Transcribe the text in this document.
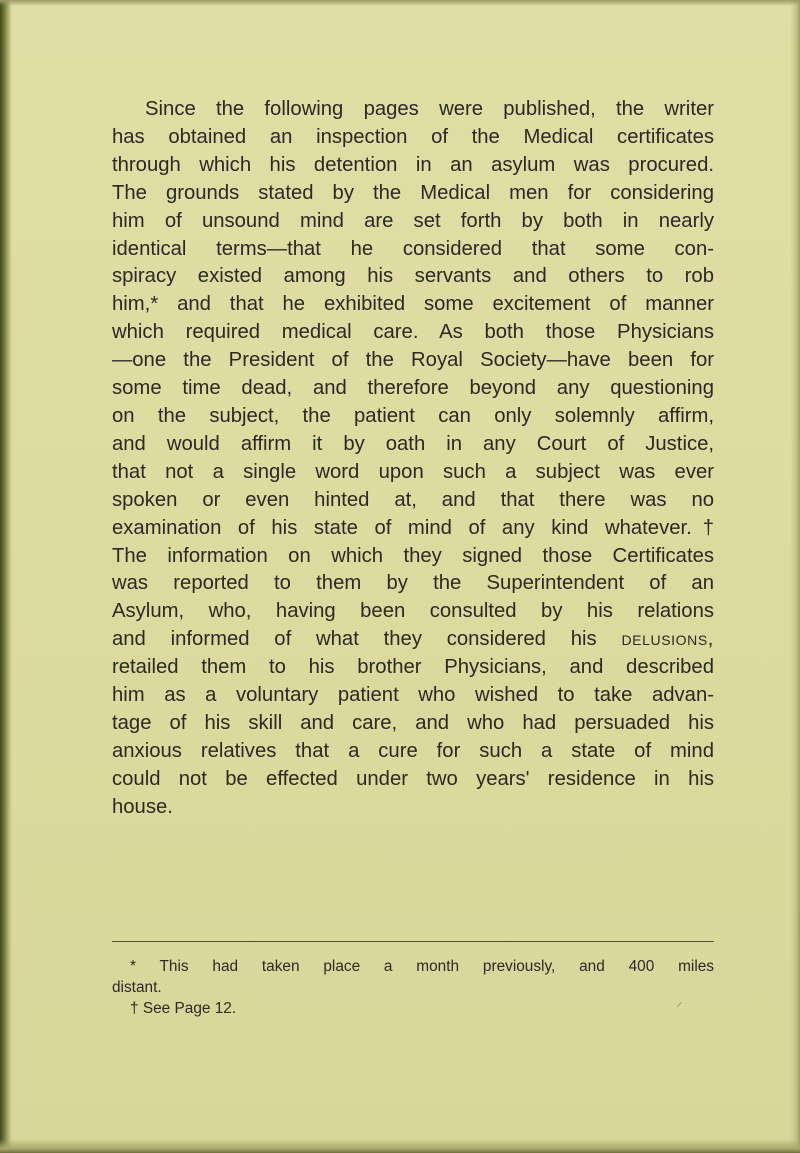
Since the following pages were published, the writer
has obtained an inspection of the Medical certificates
through which his detention in an asylum was procured.
The grounds stated by the Medical men for considering
him of unsound mind are set forth by both in nearly
identical terms—that he considered that some con-
spiracy existed among his servants and others to rob
him,* and that he exhibited some excitement of manner
which required medical care. As both those Physicians
—one the President of the Royal Society—have been for
some time dead, and therefore beyond any questioning
on the subject, the patient can only solemnly affirm,
and would affirm it by oath in any Court of Justice,
that not a single word upon such a subject was ever
spoken or even hinted at, and that there was no
examination of his state of mind of any kind whatever.†
The information on which they signed those Certificates
was reported to them by the Superintendent of an
Asylum, who, having been consulted by his relations
and informed of what they considered his delusions,
retailed them to his brother Physicians, and described
him as a voluntary patient who wished to take advan-
tage of his skill and care, and who had persuaded his
anxious relatives that a cure for such a state of mind
could not be effected under two years' residence in his
house.
* This had taken place a month previously, and 400 miles
distant.
† See Page 12.	⸝
